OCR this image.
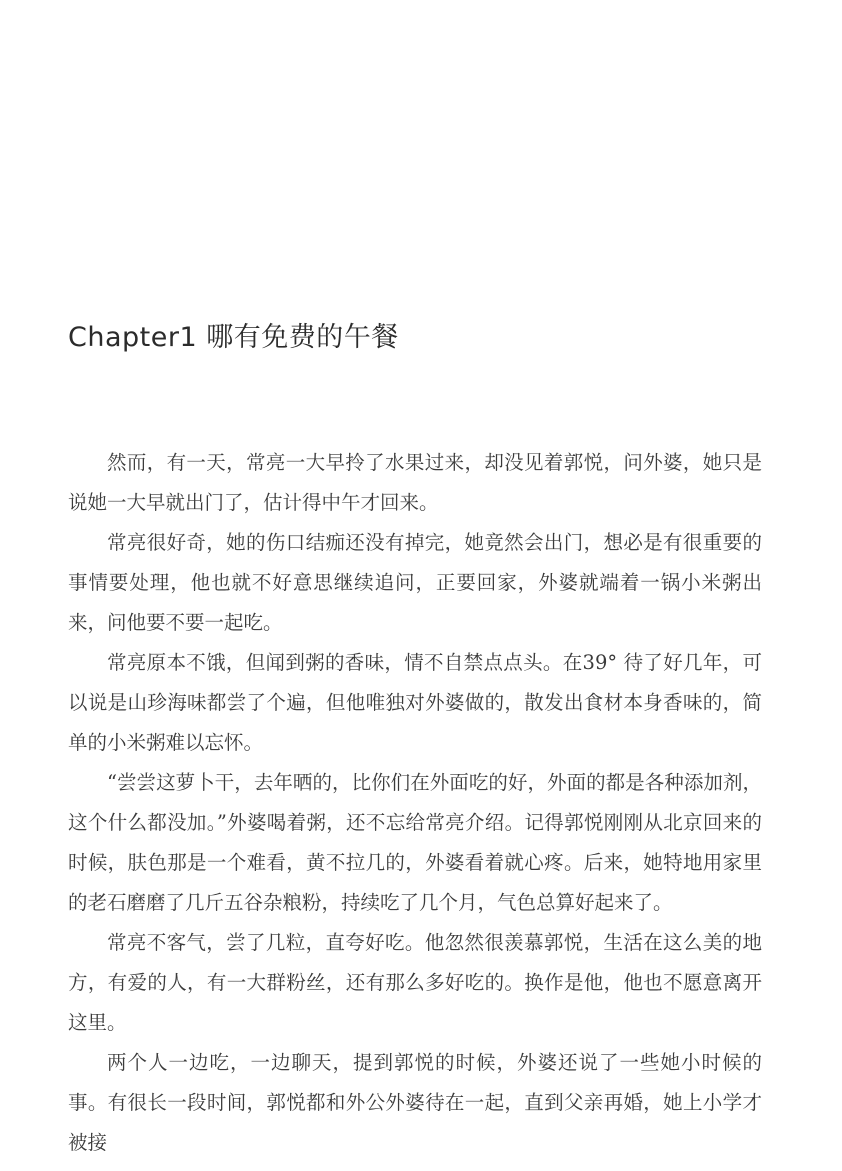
Chapter1 哪有免费的午餐

然而，有一天，常亮一大早拎了水果过来，却没见着郭悦，问外婆，她只是说她一大早就出门了，估计得中午才回来。

常亮很好奇，她的伤口结痂还没有掉完，她竟然会出门，想必是有很重要的事情要处理，他也就不好意思继续追问，正要回家，外婆就端着一锅小米粥出来，问他要不要一起吃。

常亮原本不饿，但闻到粥的香味，情不自禁点点头。在39° 待了好几年，可以说是山珍海味都尝了个遍，但他唯独对外婆做的，散发出食材本身香味的，简单的小米粥难以忘怀。

“尝尝这萝卜干，去年晒的，比你们在外面吃的好，外面的都是各种添加剂，这个什么都没加。”外婆喝着粥，还不忘给常亮介绍。记得郭悦刚刚从北京回来的时候，肤色那是一个难看，黄不拉几的，外婆看着就心疼。后来，她特地用家里的老石磨磨了几斤五谷杂粮粉，持续吃了几个月，气色总算好起来了。

常亮不客气，尝了几粒，直夸好吃。他忽然很羡慕郭悦，生活在这么美的地方，有爱的人，有一大群粉丝，还有那么多好吃的。换作是他，他也不愿意离开这里。

两个人一边吃，一边聊天，提到郭悦的时候，外婆还说了一些她小时候的事。有很长一段时间，郭悦都和外公外婆待在一起，直到父亲再婚，她上小学才被接
